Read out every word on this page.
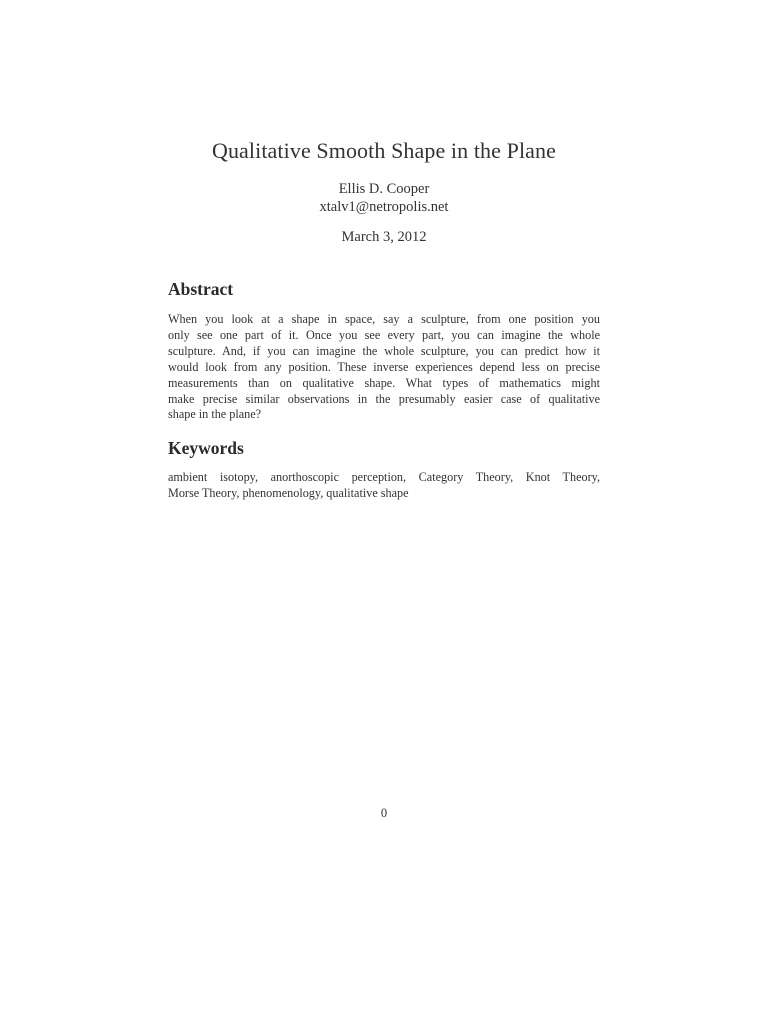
Qualitative Smooth Shape in the Plane
Ellis D. Cooper
xtalv1@netropolis.net
March 3, 2012
Abstract
When you look at a shape in space, say a sculpture, from one position you
only see one part of it. Once you see every part, you can imagine the whole
sculpture. And, if you can imagine the whole sculpture, you can predict how it
would look from any position. These inverse experiences depend less on precise
measurements than on qualitative shape. What types of mathematics might
make precise similar observations in the presumably easier case of qualitative
shape in the plane?
Keywords
ambient isotopy, anorthoscopic perception, Category Theory, Knot Theory,
Morse Theory, phenomenology, qualitative shape
0
